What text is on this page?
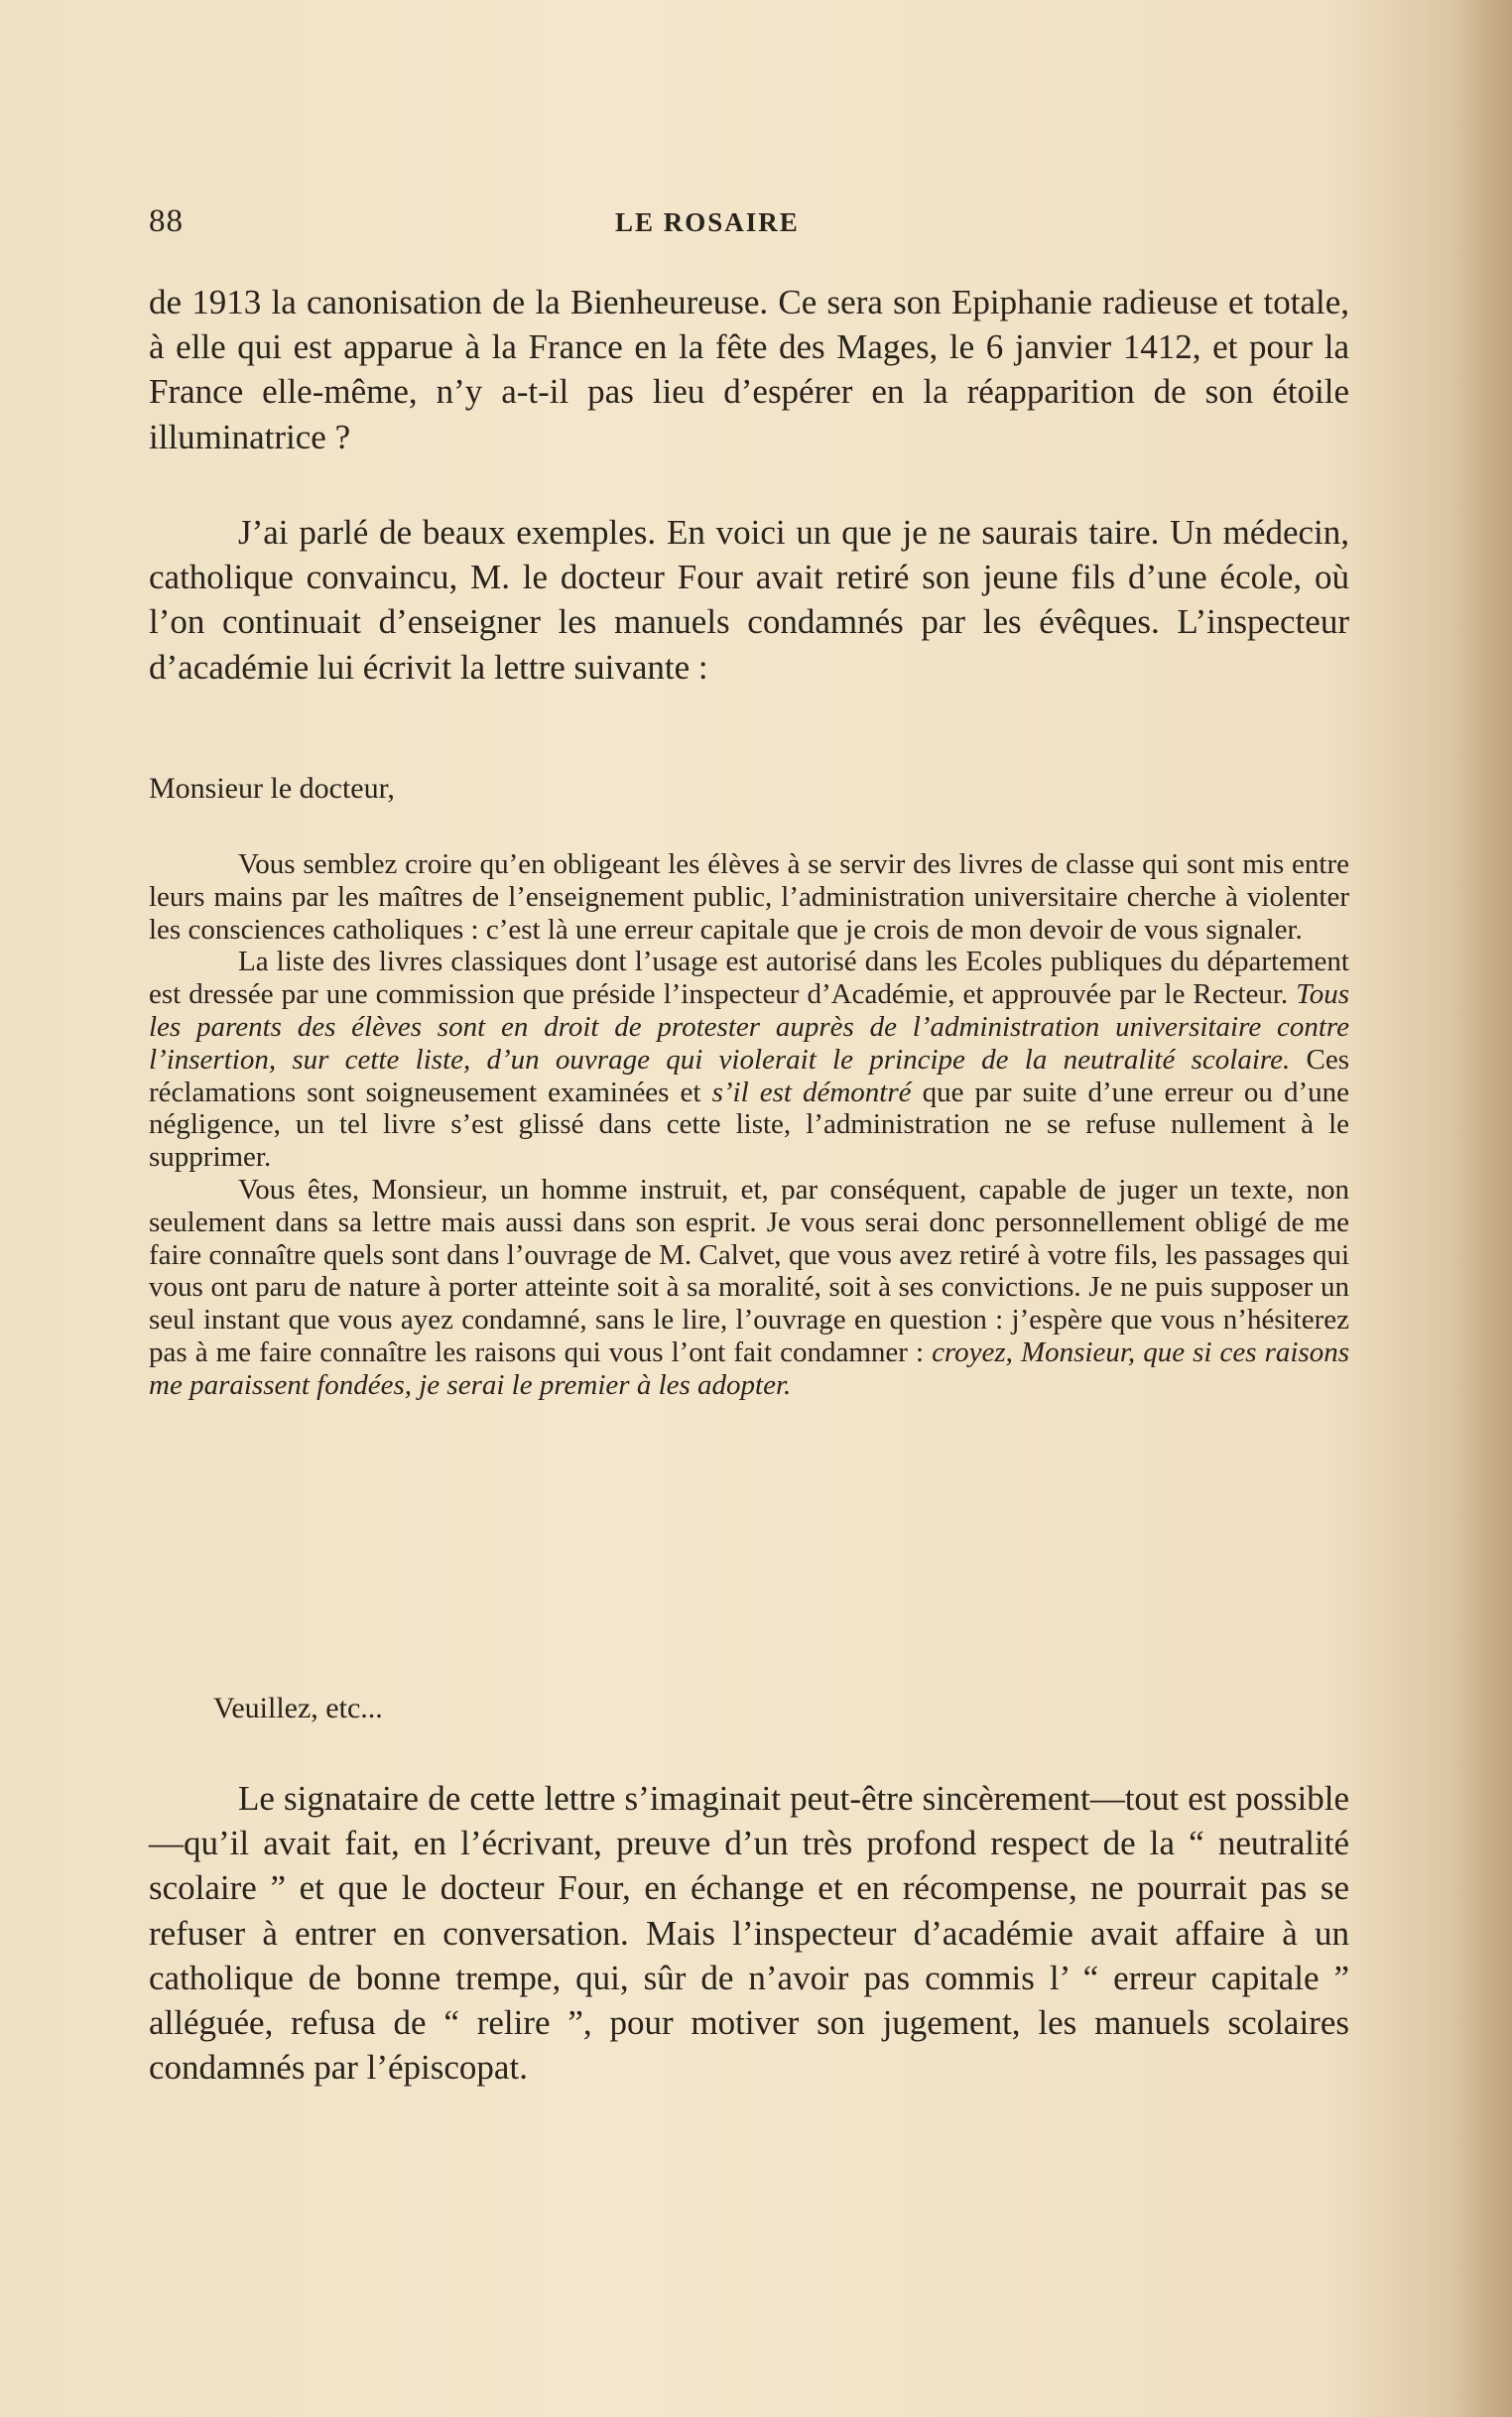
88	LE ROSAIRE

de 1913 la canonisation de la Bienheureuse. Ce sera son Epiphanie radieuse et totale, à elle qui est apparue à la France en la fête des Mages, le 6 janvier 1412, et pour la France elle-même, n’y a-t-il pas lieu d’espérer en la réapparition de son étoile illuminatrice ?

J’ai parlé de beaux exemples. En voici un que je ne saurais taire. Un médecin, catholique convaincu, M. le docteur Four avait retiré son jeune fils d’une école, où l’on continuait d’enseigner les manuels condamnés par les évêques. L’inspecteur d’académie lui écrivit la lettre suivante :

Monsieur le docteur,

Vous semblez croire qu’en obligeant les élèves à se servir des livres de classe qui sont mis entre leurs mains par les maîtres de l’enseignement public, l’administration universitaire cherche à violenter les consciences catholiques : c’est là une erreur capitale que je crois de mon devoir de vous signaler.

La liste des livres classiques dont l’usage est autorisé dans les Ecoles publiques du département est dressée par une commission que préside l’inspecteur d’Académie, et approuvée par le Recteur. Tous les parents des élèves sont en droit de protester auprès de l’administration universitaire contre l’insertion, sur cette liste, d’un ouvrage qui violerait le principe de la neutralité scolaire. Ces réclamations sont soigneusement examinées et s’il est démontré que par suite d’une erreur ou d’une négligence, un tel livre s’est glissé dans cette liste, l’administration ne se refuse nullement à le supprimer.

Vous êtes, Monsieur, un homme instruit, et, par conséquent, capable de juger un texte, non seulement dans sa lettre mais aussi dans son esprit. Je vous serai donc personnellement obligé de me faire connaître quels sont dans l’ouvrage de M. Calvet, que vous avez retiré à votre fils, les passages qui vous ont paru de nature à porter atteinte soit à sa moralité, soit à ses convictions. Je ne puis supposer un seul instant que vous ayez condamné, sans le lire, l’ouvrage en question : j’espère que vous n’hésiterez pas à me faire connaître les raisons qui vous l’ont fait condamner : croyez, Monsieur, que si ces raisons me paraissent fondées, je serai le premier à les adopter.

Veuillez, etc...

Le signataire de cette lettre s’imaginait peut-être sincèrement—tout est possible—qu’il avait fait, en l’écrivant, preuve d’un très profond respect de la “ neutralité scolaire ” et que le docteur Four, en échange et en récompense, ne pourrait pas se refuser à entrer en conversation. Mais l’inspecteur d’académie avait affaire à un catholique de bonne trempe, qui, sûr de n’avoir pas commis l’ “ erreur capitale ” alléguée, refusa de “ relire ”, pour motiver son jugement, les manuels scolaires condamnés par l’épiscopat.
